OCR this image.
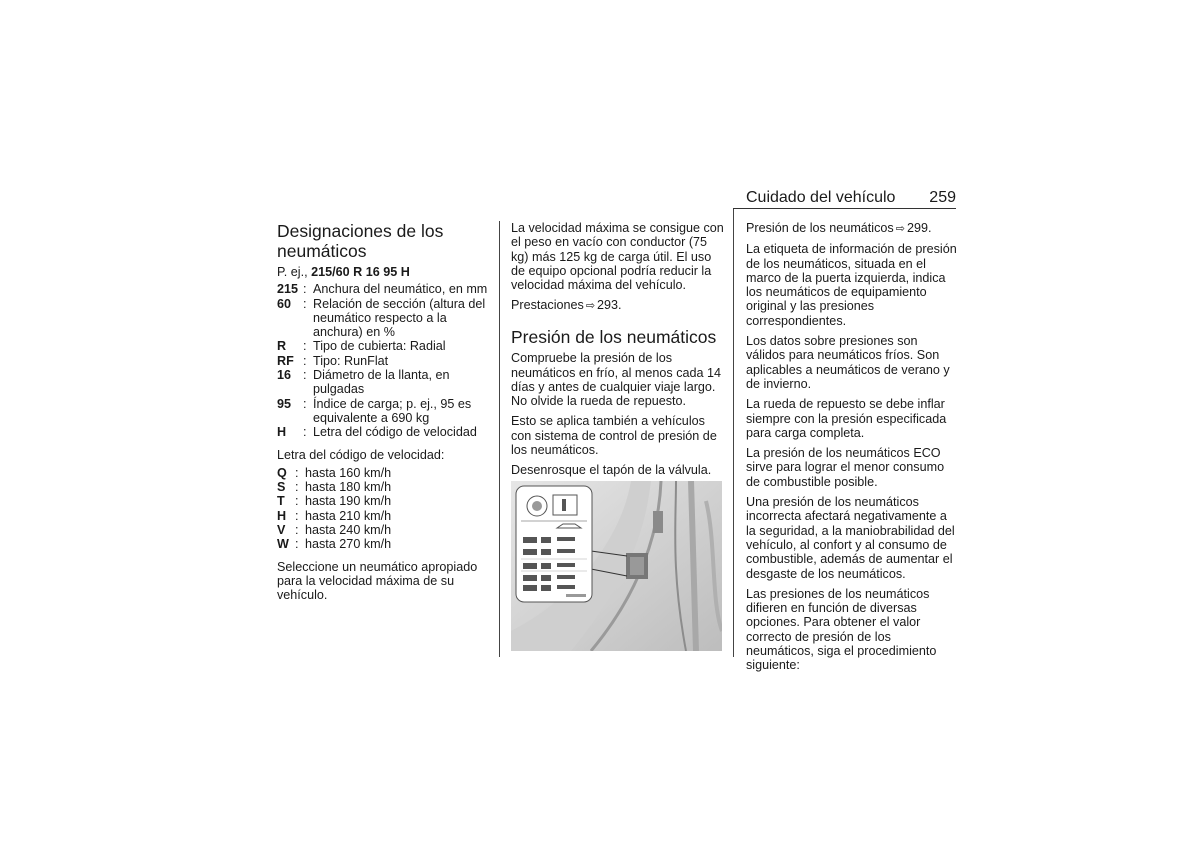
Cuidado del vehículo 259
Designaciones de los neumáticos

P. ej., 215/60 R 16 95 H

215 : Anchura del neumático, en mm
60 : Relación de sección (altura del neumático respecto a la anchura) en %
R	: Tipo de cubierta: Radial
RF : Tipo: RunFlat
16 : Diámetro de la llanta, en pulgadas
95 : Índice de carga; p. ej., 95 es equivalente a 690 kg
H	: Letra del código de velocidad

Letra del código de velocidad:

Q : hasta 160 km/h
S : hasta 180 km/h
T : hasta 190 km/h
H : hasta 210 km/h
V : hasta 240 km/h
W : hasta 270 km/h

Seleccione un neumático apropiado para la velocidad máxima de su vehículo.

La velocidad máxima se consigue con el peso en vacío con conductor (75 kg) más 125 kg de carga útil. El uso de equipo opcional podría reducir la velocidad máxima del vehículo.

Prestaciones ⇨ 293.

Presión de los neumáticos

Compruebe la presión de los neumáticos en frío, al menos cada 14 días y antes de cualquier viaje largo. No olvide la rueda de repuesto.

Esto se aplica también a vehículos con sistema de control de presión de los neumáticos.

Desenrosque el tapón de la válvula.

Presión de los neumáticos ⇨ 299.

La etiqueta de información de presión de los neumáticos, situada en el marco de la puerta izquierda, indica los neumáticos de equipamiento original y las presiones correspondientes.

Los datos sobre presiones son válidos para neumáticos fríos. Son aplicables a neumáticos de verano y de invierno.

La rueda de repuesto se debe inflar siempre con la presión especificada para carga completa.

La presión de los neumáticos ECO sirve para lograr el menor consumo de combustible posible.

Una presión de los neumáticos incorrecta afectará negativamente a la seguridad, a la maniobrabilidad del vehículo, al confort y al consumo de combustible, además de aumentar el desgaste de los neumáticos.

Las presiones de los neumáticos difieren en función de diversas opciones. Para obtener el valor correcto de presión de los neumáticos, siga el procedimiento siguiente:
